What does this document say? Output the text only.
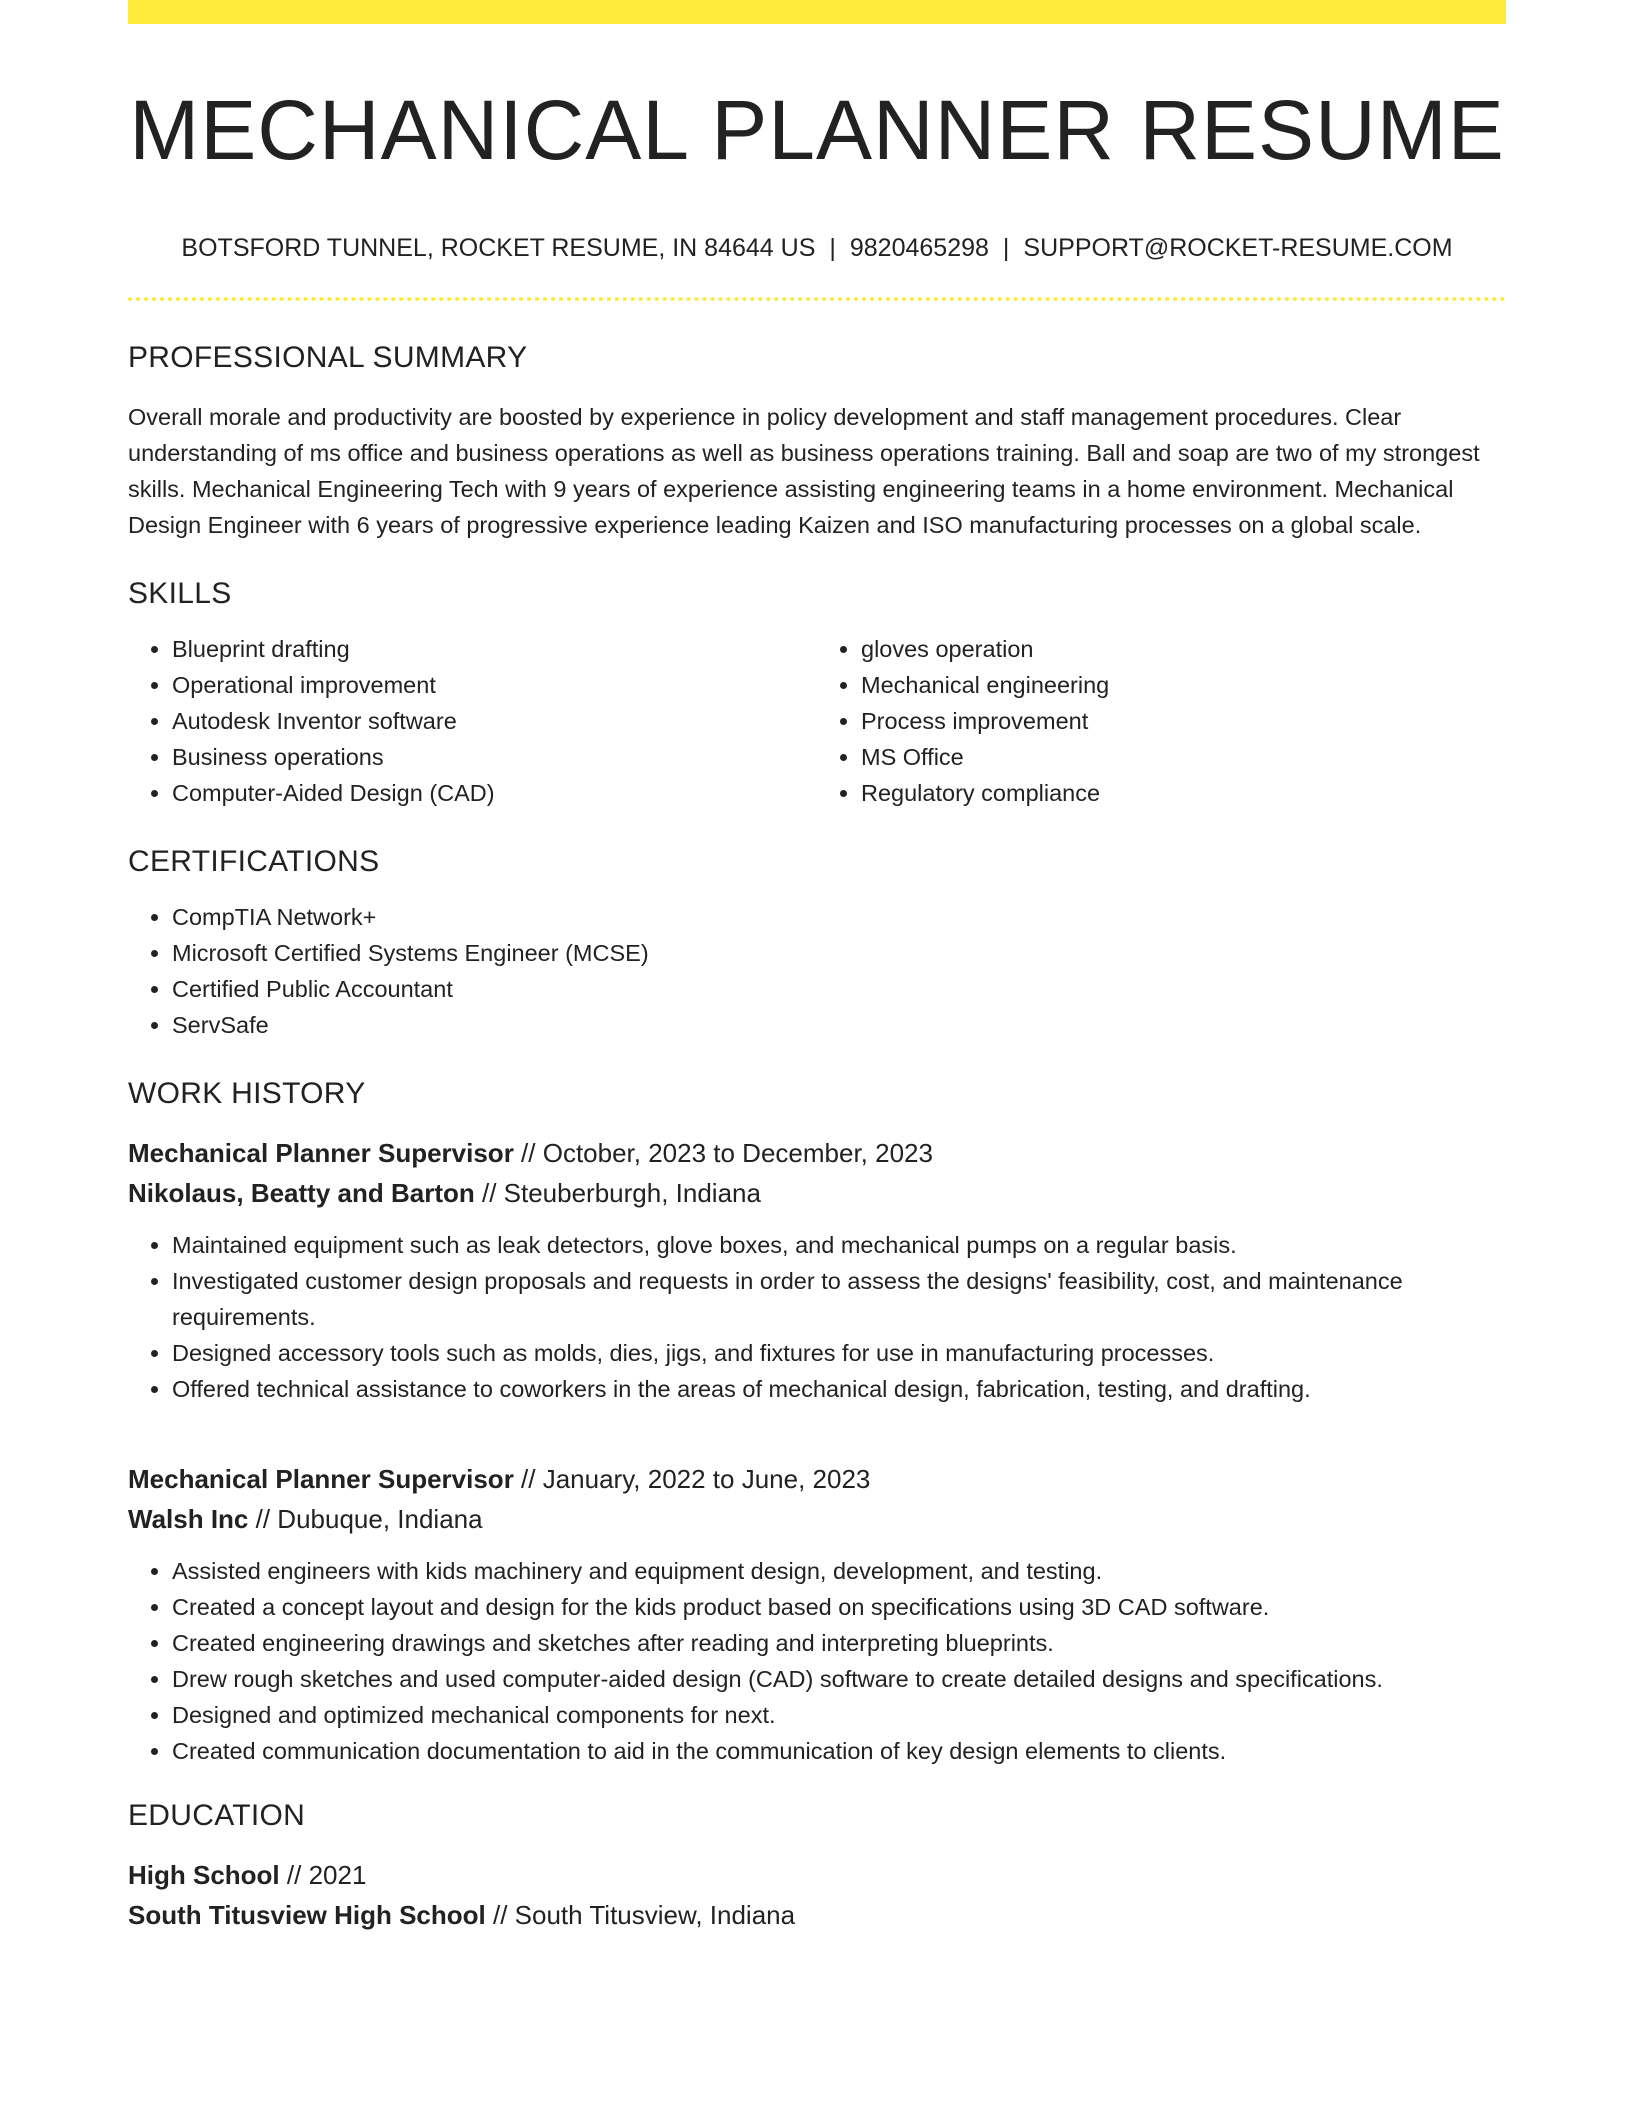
MECHANICAL PLANNER RESUME
BOTSFORD TUNNEL, ROCKET RESUME, IN 84644 US | 9820465298 | SUPPORT@ROCKET-RESUME.COM
PROFESSIONAL SUMMARY

Overall morale and productivity are boosted by experience in policy development and staff management procedures. Clear understanding of ms office and business operations as well as business operations training. Ball and soap are two of my strongest skills. Mechanical Engineering Tech with 9 years of experience assisting engineering teams in a home environment. Mechanical Design Engineer with 6 years of progressive experience leading Kaizen and ISO manufacturing processes on a global scale.

SKILLS
• Blueprint drafting
• Operational improvement
• Autodesk Inventor software
• Business operations
• Computer-Aided Design (CAD)
• gloves operation
• Mechanical engineering
• Process improvement
• MS Office
• Regulatory compliance
CERTIFICATIONS
• CompTIA Network+
• Microsoft Certified Systems Engineer (MCSE)
• Certified Public Accountant
• ServSafe
WORK HISTORY
Mechanical Planner Supervisor // October, 2023 to December, 2023
Nikolaus, Beatty and Barton // Steuberburgh, Indiana
• Maintained equipment such as leak detectors, glove boxes, and mechanical pumps on a regular basis.
• Investigated customer design proposals and requests in order to assess the designs' feasibility, cost, and maintenance requirements.
• Designed accessory tools such as molds, dies, jigs, and fixtures for use in manufacturing processes.
• Offered technical assistance to coworkers in the areas of mechanical design, fabrication, testing, and drafting.
Mechanical Planner Supervisor // January, 2022 to June, 2023
Walsh Inc // Dubuque, Indiana
• Assisted engineers with kids machinery and equipment design, development, and testing.
• Created a concept layout and design for the kids product based on specifications using 3D CAD software.
• Created engineering drawings and sketches after reading and interpreting blueprints.
• Drew rough sketches and used computer-aided design (CAD) software to create detailed designs and specifications.
• Designed and optimized mechanical components for next.
• Created communication documentation to aid in the communication of key design elements to clients.
EDUCATION
High School // 2021
South Titusview High School // South Titusview, Indiana
